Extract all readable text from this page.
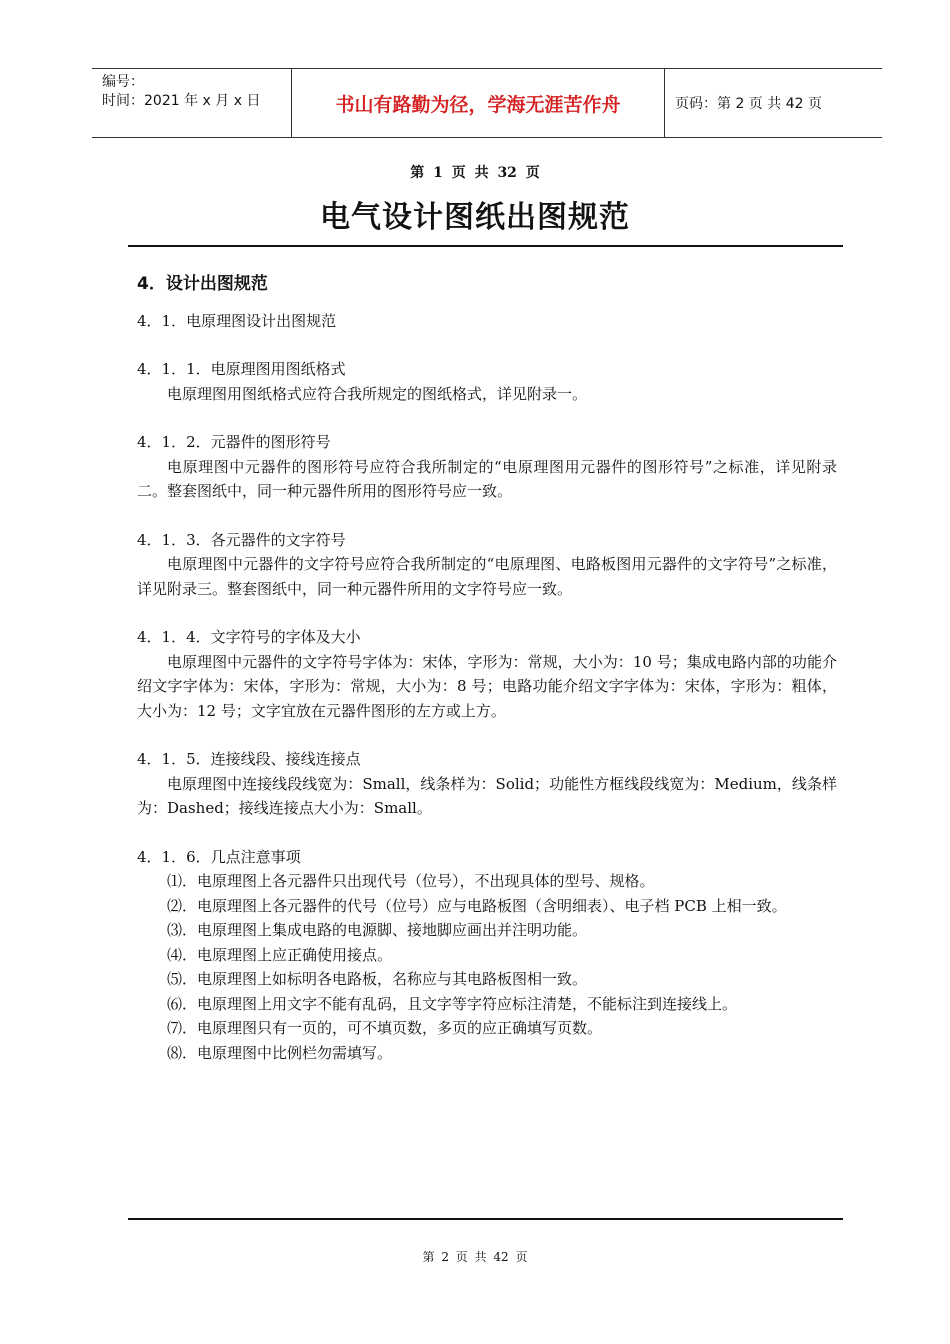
编号：
时间：2021 年 x 月 x 日	书山有路勤为径，学海无涯苦作舟	页码：第 2 页 共 42 页
第 1 页 共 32 页
电气设计图纸出图规范

4．设计出图规范

4．1．电原理图设计出图规范

4．1．1．电原理图用图纸格式

电原理图用图纸格式应符合我所规定的图纸格式，详见附录一。

4．1．2．元器件的图形符号

电原理图中元器件的图形符号应符合我所制定的“电原理图用元器件的图形符号”之标准，详见附录二。整套图纸中，同一种元器件所用的图形符号应一致。

4．1．3．各元器件的文字符号

电原理图中元器件的文字符号应符合我所制定的“电原理图、电路板图用元器件的文字符号”之标准，详见附录三。整套图纸中，同一种元器件所用的文字符号应一致。

4．1．4．文字符号的字体及大小

电原理图中元器件的文字符号字体为：宋体，字形为：常规，大小为：10 号；集成电路内部的功能介绍文字字体为：宋体，字形为：常规，大小为：8 号；电路功能介绍文字字体为：宋体，字形为：粗体，大小为：12 号；文字宜放在元器件图形的左方或上方。

4．1．5．连接线段、接线连接点

电原理图中连接线段线宽为：Small，线条样为：Solid；功能性方框线段线宽为：Medium，线条样为：Dashed；接线连接点大小为：Small。

4．1．6．几点注意事项

⑴．电原理图上各元器件只出现代号（位号），不出现具体的型号、规格。

⑵．电原理图上各元器件的代号（位号）应与电路板图（含明细表）、电子档 PCB 上相一致。

⑶．电原理图上集成电路的电源脚、接地脚应画出并注明功能。

⑷．电原理图上应正确使用接点。

⑸．电原理图上如标明各电路板，名称应与其电路板图相一致。

⑹．电原理图上用文字不能有乱码，且文字等字符应标注清楚，不能标注到连接线上。

⑺．电原理图只有一页的，可不填页数，多页的应正确填写页数。

⑻．电原理图中比例栏勿需填写。

第 2 页 共 42 页
